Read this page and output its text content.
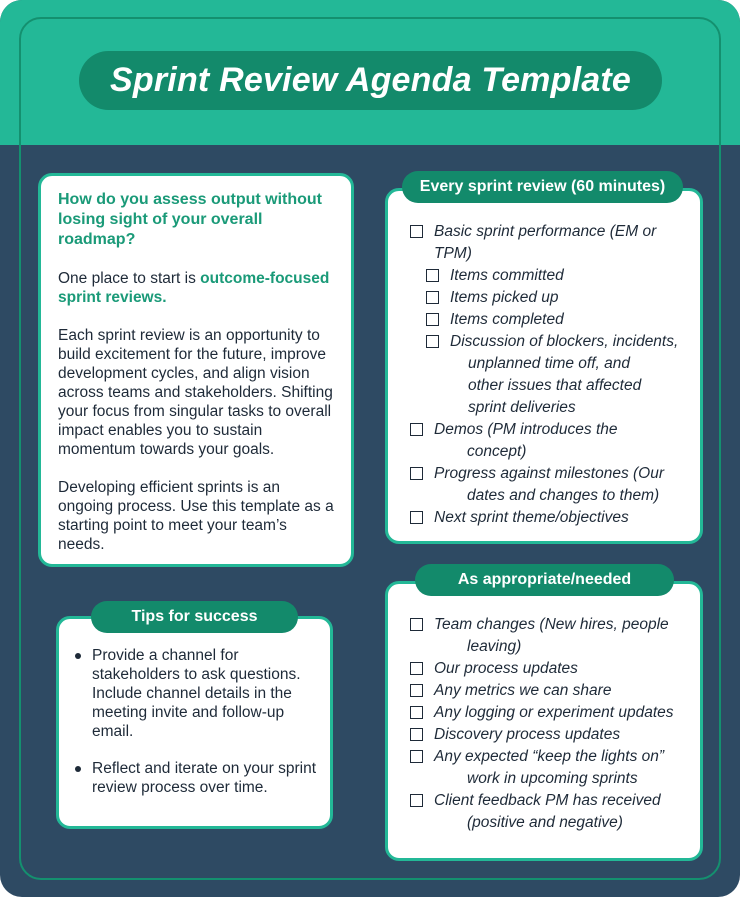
Sprint Review Agenda Template
How do you assess output without losing sight of your overall roadmap?

One place to start is outcome-focused sprint reviews.

Each sprint review is an opportunity to build excitement for the future, improve development cycles, and align vision across teams and stakeholders. Shifting your focus from singular tasks to overall impact enables you to sustain momentum towards your goals.

Developing efficient sprints is an ongoing process. Use this template as a starting point to meet your team’s needs.

Provide a channel for stakeholders to ask questions. Include channel details in the meeting invite and follow-up email.
Reflect and iterate on your sprint review process over time.
Tips for success
Basic sprint performance (EM or TPM)
Items committed
Items picked up
Items completed
Discussion of blockers, incidents,
unplanned time off, and other issues that affected sprint deliveries
Demos (PM introduces the
concept)
Progress against milestones (Our
dates and changes to them)
Next sprint theme/objectives
Every sprint review (60 minutes)
Team changes (New hires, people
leaving)
Our process updates
Any metrics we can share
Any logging or experiment updates
Discovery process updates
Any expected “keep the lights on”
work in upcoming sprints
Client feedback PM has received
(positive and negative)
As appropriate/needed
